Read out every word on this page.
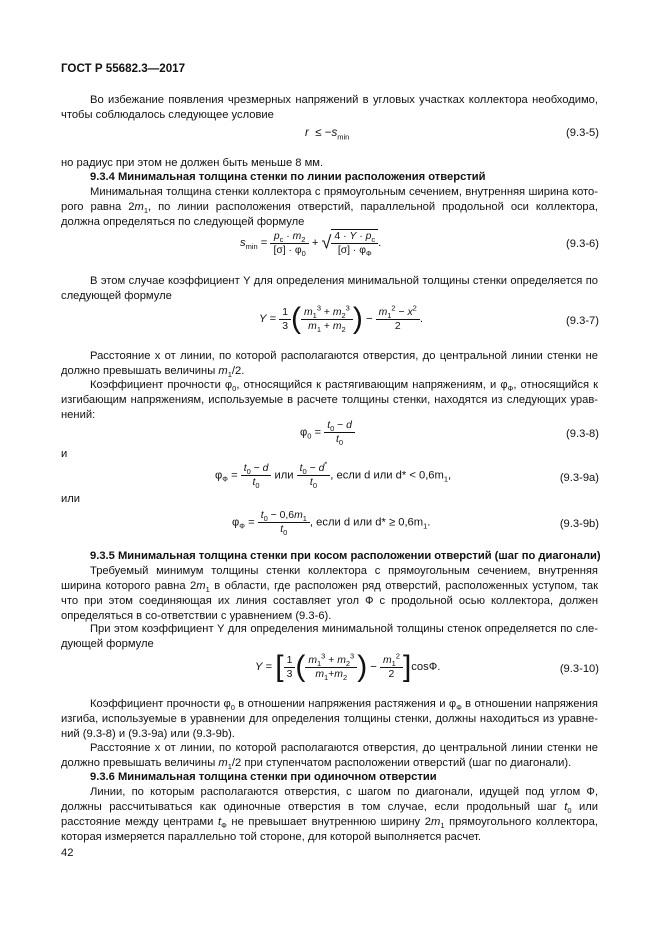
ГОСТ Р 55682.3—2017
Во избежание появления чрезмерных напряжений в угловых участках коллектора необходимо, чтобы соблюдалось следующее условие
$r \le -s_{min}$	(9.3-5)
но радиус при этом не должен быть меньше 8 мм.
9.3.4 Минимальная толщина стенки по линии расположения отверстий
Минимальная толщина стенки коллектора с прямоугольным сечением, внутренняя ширина кото-рого равна $2m_1$, по линии расположения отверстий, параллельной продольной оси коллектора, должна определяться по следующей формуле
$s_{min} = \frac{p_c \cdot m_2}{[\sigma] \cdot \varphi_0}$ + √ $\frac{4 \cdot Y \cdot p_c}{[\sigma] \cdot \varphi_Ф}$ .	(9.3-6)
В этом случае коэффициент Y для определения минимальной толщины стенки определяется по следующей формуле
$Y = \frac{1}{3}$ ( $\frac{m_1^3 + m_2^3}{m_1 + m_2}$ ) − $\frac{m_1^2 - x^2}{2}$ .	(9.3-7)
Расстояние x от линии, по которой располагаются отверстия, до центральной линии стенки не должно превышать величины $m_1/2$.
Коэффициент прочности $\varphi_0$, относящийся к растягивающим напряжениям, и $\varphi_Ф$, относящийся к изгибающим напряжениям, используемые в расчете толщины стенки, находятся из следующих урав-нений:
$\varphi_0 = \frac{t_0 - d}{t_0}$	(9.3-8)
и
$\varphi_Ф = \frac{t_0 - d}{t_0}$ или $\frac{t_0 - d^*}{t_0}$ , если d или $d* < 0,6m_1$,	(9.3-9a)
или
$\varphi_Ф = \frac{t_0 - 0,6m_1}{t_0}$ , если d или $d* \ge 0,6m_1$.	(9.3-9b)
9.3.5 Минимальная толщина стенки при косом расположении отверстий (шаг по диагонали)
Требуемый минимум толщины стенки коллектора с прямоугольным сечением, внутренняя ширина которого равна $2m_1$ в области, где расположен ряд отверстий, расположенных уступом, так что при этом соединяющая их линия составляет угол Ф с продольной осью коллектора, должен определяться в со-ответствии с уравнением (9.3-6).
При этом коэффициент Y для определения минимальной толщины стенок определяется по сле-дующей формуле
Y = [ $\frac{1}{3}$ ( $\frac{m_1^3 + m_2^3}{m_1+m_2}$ ) − $\frac{m_1^2}{2} ]\cos Ф$.	(9.3-10)
Коэффициент прочности $\varphi_0$ в отношении напряжения растяжения и $\varphi_Ф$ в отношении напряжения изгиба, используемые в уравнении для определения толщины стенки, должны находиться из уравне-ний (9.3-8) и (9.3-9а) или (9.3-9b).
Расстояние x от линии, по которой располагаются отверстия, до центральной линии стенки не должно превышать величины $m_1/2$ при ступенчатом расположении отверстий (шаг по диагонали).
9.3.6 Минимальная толщина стенки при одиночном отверстии
Линии, по которым располагаются отверстия, с шагом по диагонали, идущей под углом Ф, должны рассчитываться как одиночные отверстия в том случае, если продольный шаг $t_0$ или расстояние между центрами $t_Ф$ не превышает внутреннюю ширину $2m_1$ прямоугольного коллектора, которая измеряется параллельно той стороне, для которой выполняется расчет.
42
